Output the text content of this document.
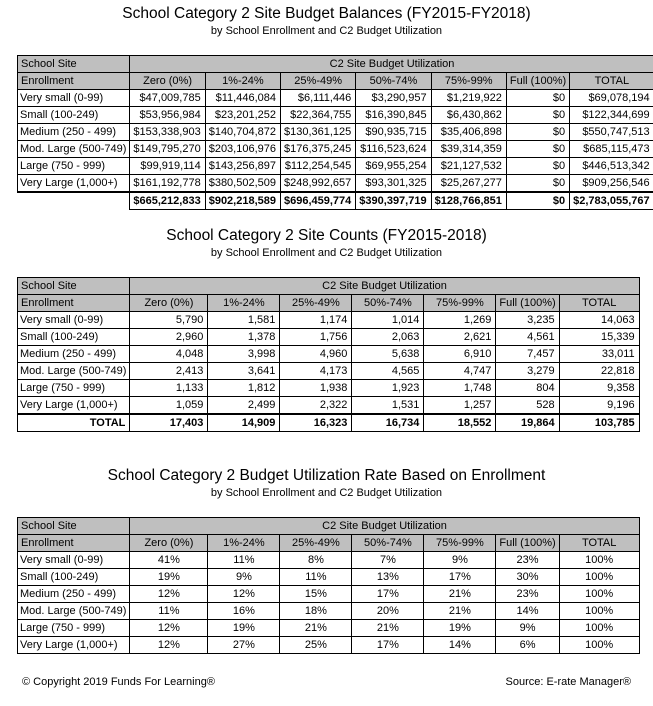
School Category 2 Site Budget Balances (FY2015-FY2018)
by School Enrollment and C2 Budget Utilization
School Site	C2 Site Budget Utilization						
Enrollment	Zero (0%)	1%-24%	25%-49%	50%-74%	75%-99%	Full (100%)	TOTAL
Very small (0-99)	$47,009,785	$11,446,084	$6,111,446	$3,290,957	$1,219,922	$0	$69,078,194
Small (100-249)	$53,956,984	$23,201,252	$22,364,755	$16,390,845	$6,430,862	$0	$122,344,699
Medium (250 - 499)	$153,338,903	$140,704,872	$130,361,125	$90,935,715	$35,406,898	$0	$550,747,513
Mod. Large (500-749)	$149,795,270	$203,106,976	$176,375,245	$116,523,624	$39,314,359	$0	$685,115,473
Large (750 - 999)	$99,919,114	$143,256,897	$112,254,545	$69,955,254	$21,127,532	$0	$446,513,342
Very Large (1,000+)	$161,192,778	$380,502,509	$248,992,657	$93,301,325	$25,267,277	$0	$909,256,546
	$665,212,833	$902,218,589	$696,459,774	$390,397,719	$128,766,851	$0	$2,783,055,767
School Category 2 Site Counts (FY2015-2018)
by School Enrollment and C2 Budget Utilization
School Site	C2 Site Budget Utilization						
Enrollment	Zero (0%)	1%-24%	25%-49%	50%-74%	75%-99%	Full (100%)	TOTAL
Very small (0-99)	5,790	1,581	1,174	1,014	1,269	3,235	14,063
Small (100-249)	2,960	1,378	1,756	2,063	2,621	4,561	15,339
Medium (250 - 499)	4,048	3,998	4,960	5,638	6,910	7,457	33,011
Mod. Large (500-749)	2,413	3,641	4,173	4,565	4,747	3,279	22,818
Large (750 - 999)	1,133	1,812	1,938	1,923	1,748	804	9,358
Very Large (1,000+)	1,059	2,499	2,322	1,531	1,257	528	9,196
TOTAL	17,403	14,909	16,323	16,734	18,552	19,864	103,785
School Category 2 Budget Utilization Rate Based on Enrollment
by School Enrollment and C2 Budget Utilization
School Site	C2 Site Budget Utilization						
Enrollment	Zero (0%)	1%-24%	25%-49%	50%-74%	75%-99%	Full (100%)	TOTAL
Very small (0-99)	41%	11%	8%	7%	9%	23%	100%
Small (100-249)	19%	9%	11%	13%	17%	30%	100%
Medium (250 - 499)	12%	12%	15%	17%	21%	23%	100%
Mod. Large (500-749)	11%	16%	18%	20%	21%	14%	100%
Large (750 - 999)	12%	19%	21%	21%	19%	9%	100%
Very Large (1,000+)	12%	27%	25%	17%	14%	6%	100%
© Copyright 2019 Funds For Learning®	Source: E-rate Manager®
